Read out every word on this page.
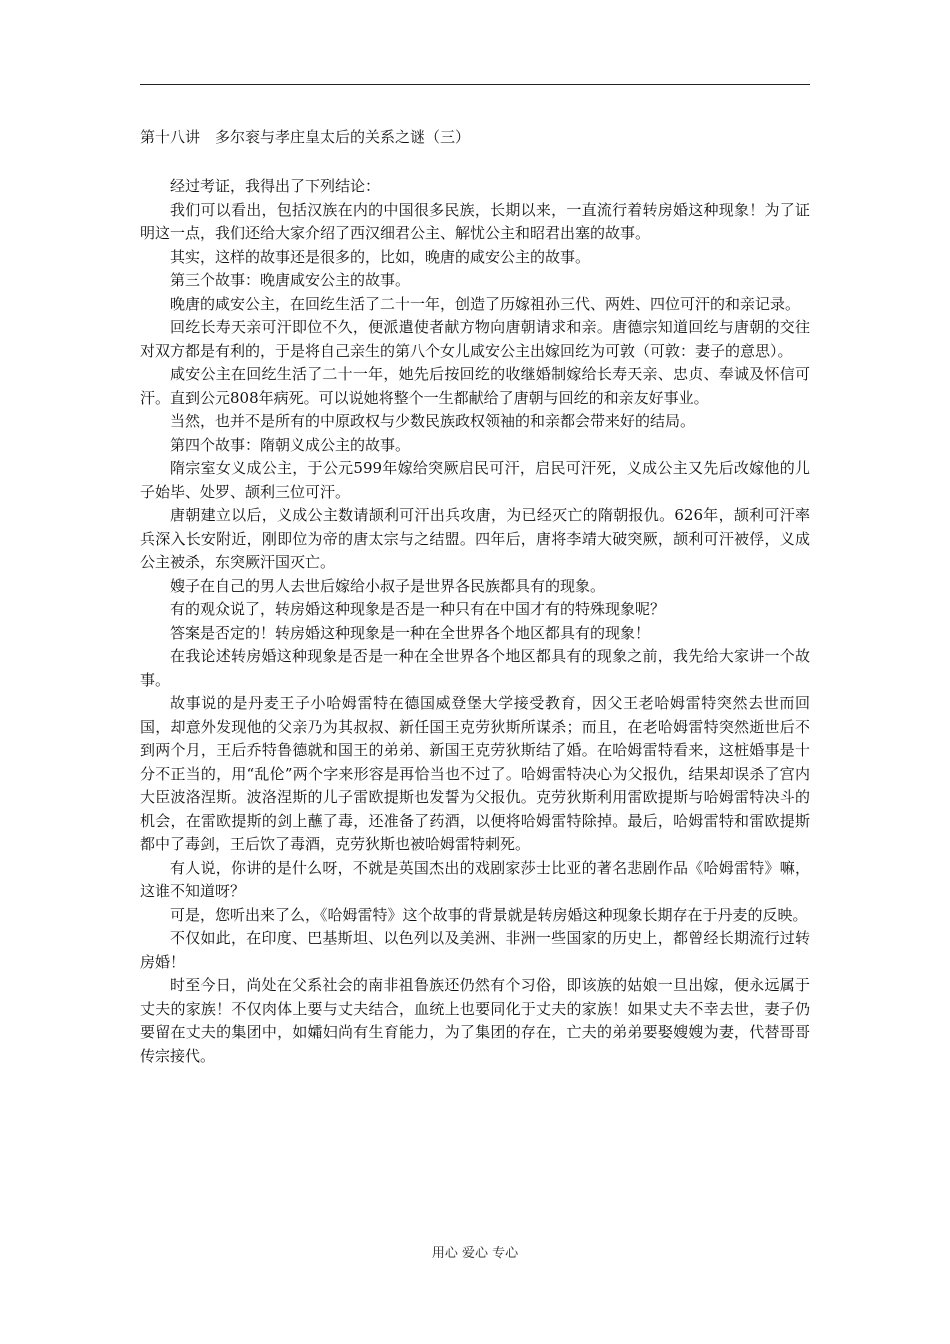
第十八讲　多尔衮与孝庄皇太后的关系之谜（三）

经过考证，我得出了下列结论：

我们可以看出，包括汉族在内的中国很多民族，长期以来，一直流行着转房婚这种现象！为了证明这一点，我们还给大家介绍了西汉细君公主、解忧公主和昭君出塞的故事。

其实，这样的故事还是很多的，比如，晚唐的咸安公主的故事。

第三个故事：晚唐咸安公主的故事。

晚唐的咸安公主，在回纥生活了二十一年，创造了历嫁祖孙三代、两姓、四位可汗的和亲记录。

回纥长寿天亲可汗即位不久，便派遣使者献方物向唐朝请求和亲。唐德宗知道回纥与唐朝的交往对双方都是有利的，于是将自己亲生的第八个女儿咸安公主出嫁回纥为可敦（可敦：妻子的意思）。

咸安公主在回纥生活了二十一年，她先后按回纥的收继婚制嫁给长寿天亲、忠贞、奉诚及怀信可汗。直到公元808年病死。可以说她将整个一生都献给了唐朝与回纥的和亲友好事业。

当然，也并不是所有的中原政权与少数民族政权领袖的和亲都会带来好的结局。

第四个故事：隋朝义成公主的故事。

隋宗室女义成公主，于公元599年嫁给突厥启民可汗，启民可汗死，义成公主又先后改嫁他的儿子始毕、处罗、颉利三位可汗。

唐朝建立以后，义成公主数请颉利可汗出兵攻唐，为已经灭亡的隋朝报仇。626年，颉利可汗率兵深入长安附近，刚即位为帝的唐太宗与之结盟。四年后，唐将李靖大破突厥，颉利可汗被俘，义成公主被杀，东突厥汗国灭亡。

嫂子在自己的男人去世后嫁给小叔子是世界各民族都具有的现象。

有的观众说了，转房婚这种现象是否是一种只有在中国才有的特殊现象呢？

答案是否定的！转房婚这种现象是一种在全世界各个地区都具有的现象！

在我论述转房婚这种现象是否是一种在全世界各个地区都具有的现象之前，我先给大家讲一个故事。

故事说的是丹麦王子小哈姆雷特在德国威登堡大学接受教育，因父王老哈姆雷特突然去世而回国，却意外发现他的父亲乃为其叔叔、新任国王克劳狄斯所谋杀；而且，在老哈姆雷特突然逝世后不到两个月，王后乔特鲁德就和国王的弟弟、新国王克劳狄斯结了婚。在哈姆雷特看来，这桩婚事是十分不正当的，用“乱伦”两个字来形容是再恰当也不过了。哈姆雷特决心为父报仇，结果却误杀了宫内大臣波洛涅斯。波洛涅斯的儿子雷欧提斯也发誓为父报仇。克劳狄斯利用雷欧提斯与哈姆雷特决斗的机会，在雷欧提斯的剑上蘸了毒，还准备了药酒，以便将哈姆雷特除掉。最后，哈姆雷特和雷欧提斯都中了毒剑，王后饮了毒酒，克劳狄斯也被哈姆雷特刺死。

有人说，你讲的是什么呀，不就是英国杰出的戏剧家莎士比亚的著名悲剧作品《哈姆雷特》嘛，这谁不知道呀？

可是，您听出来了么，《哈姆雷特》这个故事的背景就是转房婚这种现象长期存在于丹麦的反映。

不仅如此，在印度、巴基斯坦、以色列以及美洲、非洲一些国家的历史上，都曾经长期流行过转房婚！

时至今日，尚处在父系社会的南非祖鲁族还仍然有个习俗，即该族的姑娘一旦出嫁，便永远属于丈夫的家族！不仅肉体上要与丈夫结合，血统上也要同化于丈夫的家族！如果丈夫不幸去世，妻子仍要留在丈夫的集团中，如孀妇尚有生育能力，为了集团的存在，亡夫的弟弟要娶嫂嫂为妻，代替哥哥传宗接代。

用心 爱心 专心
